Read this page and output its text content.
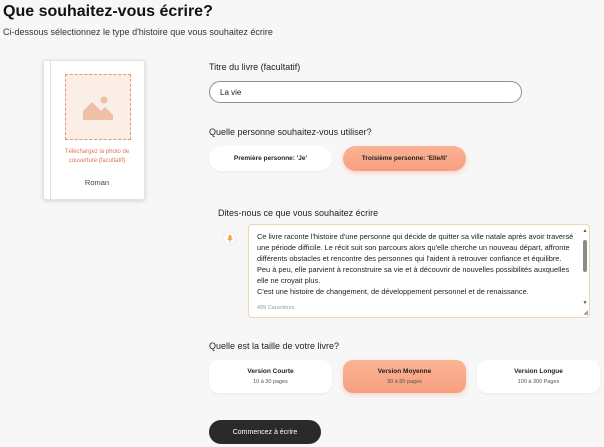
Que souhaitez-vous écrire?
Ci-dessous sélectionnez le type d'histoire que vous souhaitez écrire
Téléchargez la photo de couverture (facultatif)
Roman
Titre du livre (facultatif)
La vie
Quelle personne souhaitez-vous utiliser?
Première personne: 'Je'	Troisième personne: 'Elle/Il'
Dites-nous ce que vous souhaitez écrire
Ce livre raconte l'histoire d'une personne qui décide de quitter sa ville natale après avoir traversé une période difficile. Le récit suit son parcours alors qu'elle cherche un nouveau départ, affronte différents obstacles et rencontre des personnes qui l'aident à retrouver confiance et équilibre.
Peu à peu, elle parvient à reconstruire sa vie et à découvrir de nouvelles possibilités auxquelles elle ne croyait plus.
C'est une histoire de changement, de développement personnel et de renaissance.
499 Caractères
▲
▼
◢
Quelle est la taille de votre livre?
Version Courte
10 à 30 pages
Version Moyenne
30 à 80 pages
Version Longue
100 à 300 Pages
Commencez à écrire
